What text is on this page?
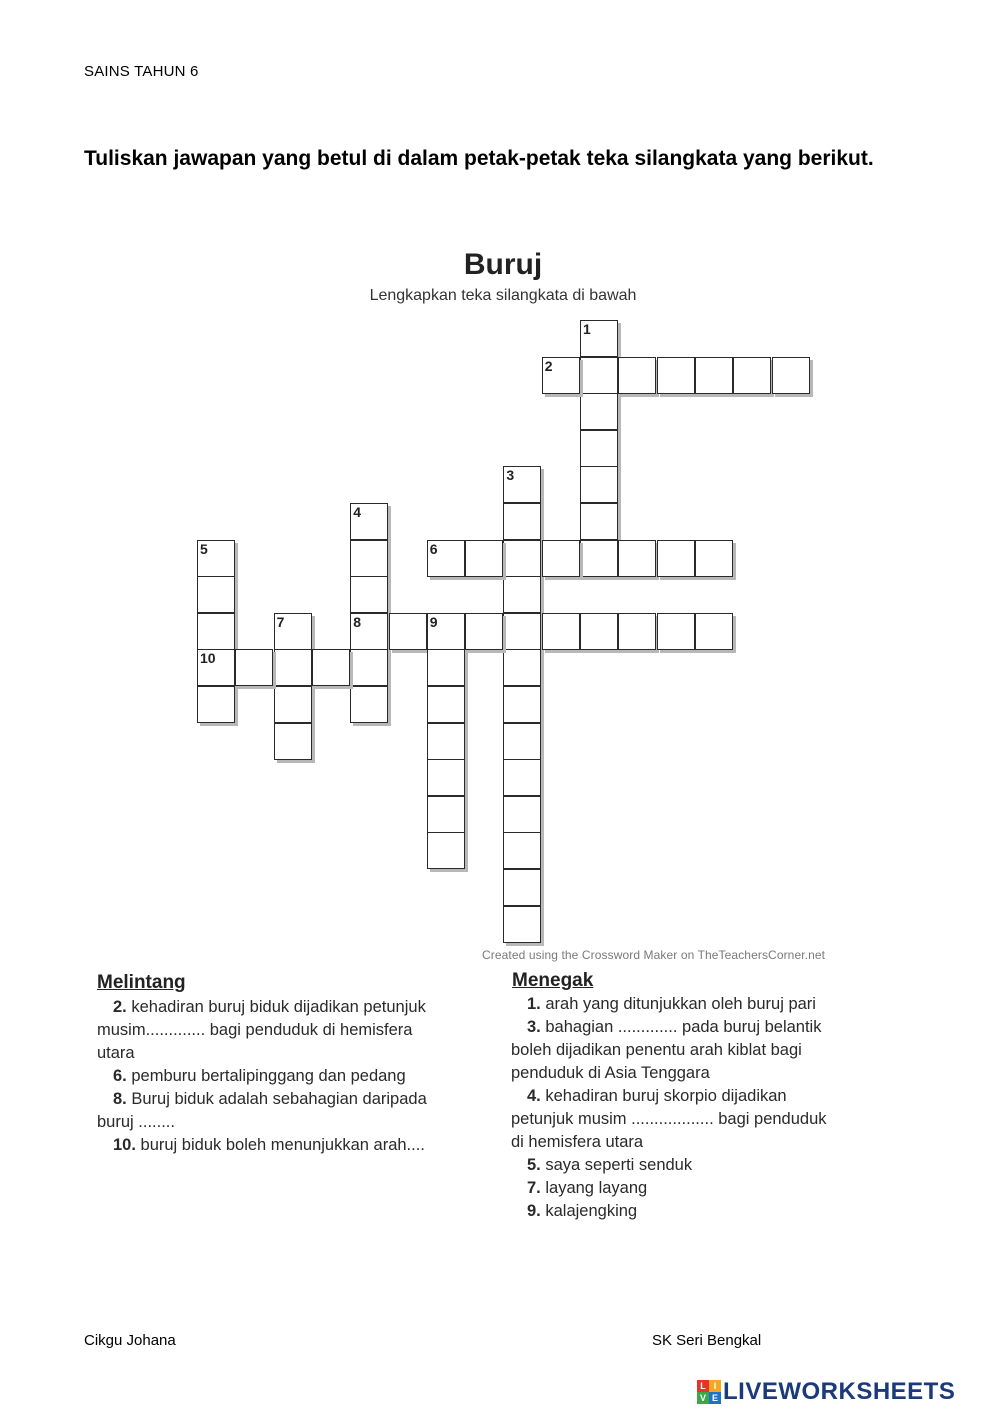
SAINS TAHUN 6
Tuliskan jawapan yang betul di dalam petak-petak teka silangkata yang berikut.
Buruj
Lengkapkan teka silangkata di bawah
1
2
3
4
8
5
10
6
7	9
Created using the Crossword Maker on TheTeachersCorner.net
Melintang

2. kehadiran buruj biduk dijadikan petunjuk

musim............. bagi penduduk di hemisfera

utara

6. pemburu bertalipinggang dan pedang

8. Buruj biduk adalah sebahagian daripada

buruj ........

10. buruj biduk boleh menunjukkan arah....

Menegak

1. arah yang ditunjukkan oleh buruj pari

3. bahagian ............. pada buruj belantik

boleh dijadikan penentu arah kiblat bagi

penduduk di Asia Tenggara

4. kehadiran buruj skorpio dijadikan

petunjuk musim .................. bagi penduduk

di hemisfera utara

5. saya seperti senduk

7. layang layang

9. kalajengking

Cikgu Johana	SK Seri Bengkal
L I
V E LIVEWORKSHEETS
